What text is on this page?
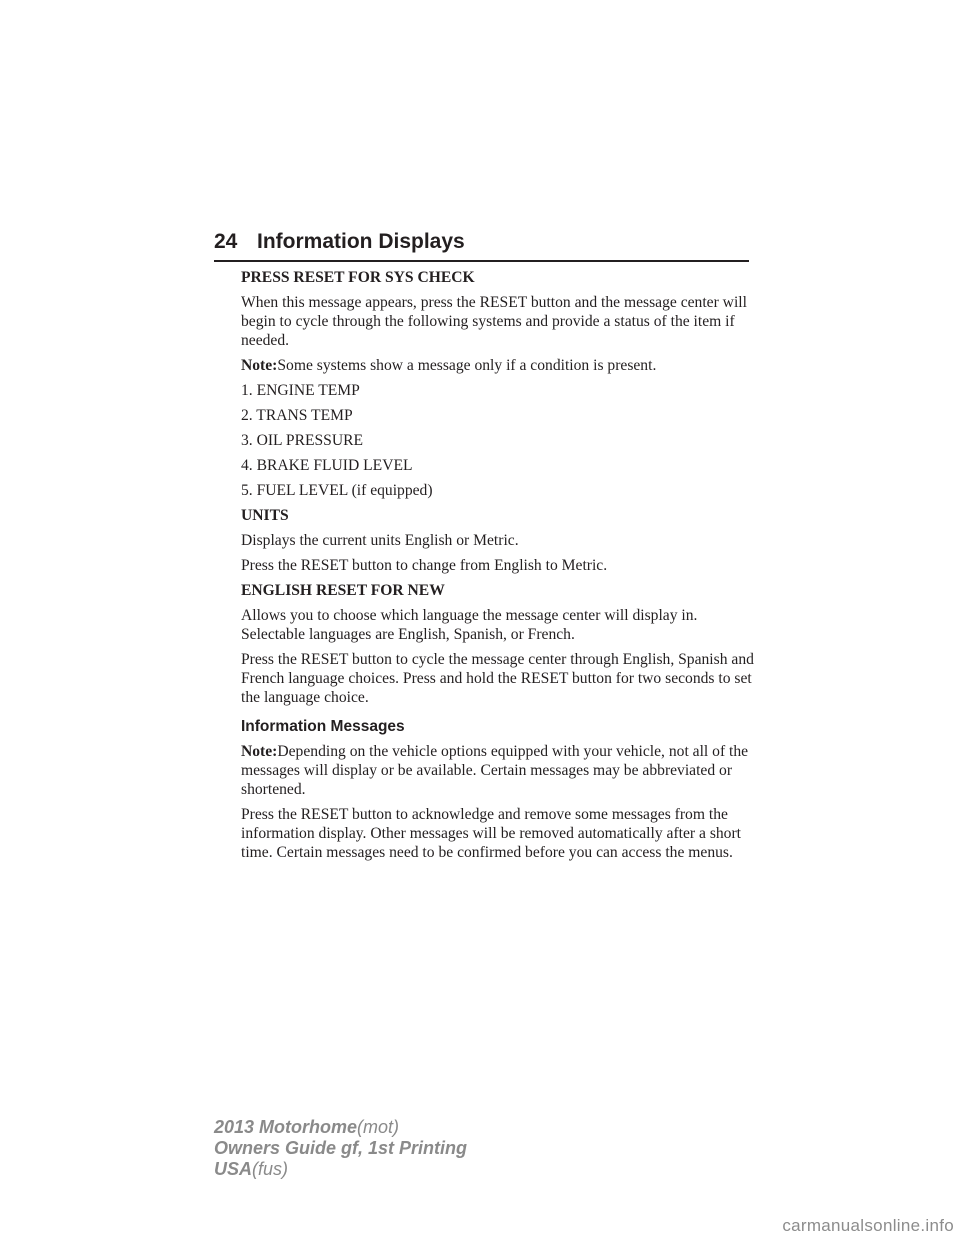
24 Information Displays

PRESS RESET FOR SYS CHECK

When this message appears, press the RESET button and the message center will begin to cycle through the following systems and provide a status of the item if needed.

Note:Some systems show a message only if a condition is present.

1. ENGINE TEMP

2. TRANS TEMP

3. OIL PRESSURE

4. BRAKE FLUID LEVEL

5. FUEL LEVEL (if equipped)

UNITS

Displays the current units English or Metric.

Press the RESET button to change from English to Metric.

ENGLISH RESET FOR NEW

Allows you to choose which language the message center will display in. Selectable languages are English, Spanish, or French.

Press the RESET button to cycle the message center through English, Spanish and French language choices. Press and hold the RESET button for two seconds to set the language choice.

Information Messages

Note:Depending on the vehicle options equipped with your vehicle, not all of the messages will display or be available. Certain messages may be abbreviated or shortened.

Press the RESET button to acknowledge and remove some messages from the information display. Other messages will be removed automatically after a short time. Certain messages need to be confirmed before you can access the menus.

2013 Motorhome(mot)
Owners Guide gf, 1st Printing
USA(fus)
carmanualsonline.info
